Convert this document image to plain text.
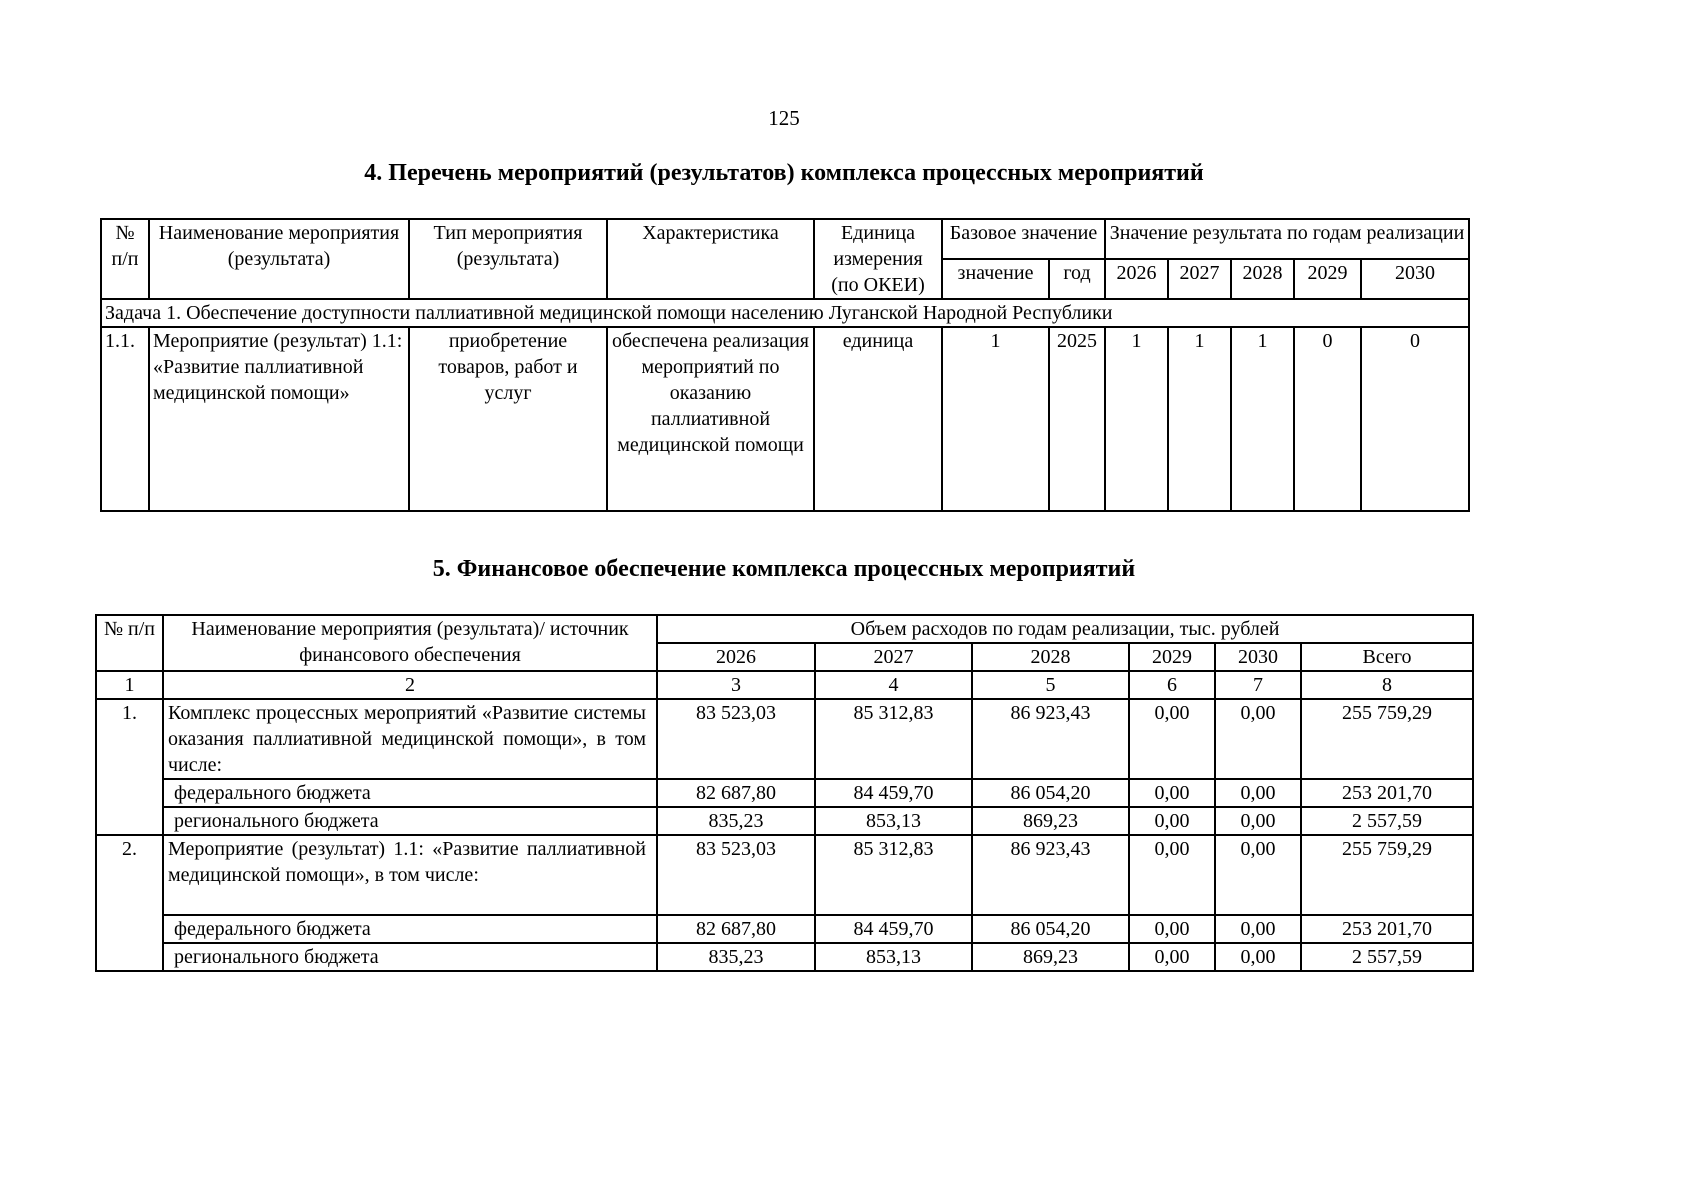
125
4. Перечень мероприятий (результатов) комплекса процессных мероприятий
№ п/п	Наименование мероприятия (результата)	Тип мероприятия (результата)	Характеристика	Единица измерения (по ОКЕИ)	Базовое значение		Значение результата по годам реализации				
					значение	год	2026	2027	2028	2029	2030
Задача 1. Обеспечение доступности паллиативной медицинской помощи населению Луганской Народной Республики											
1.1.	Мероприятие (результат) 1.1: «Развитие паллиативной медицинской помощи»	приобретение товаров, работ и услуг	обеспечена реализация мероприятий по оказанию паллиативной медицинской помощи	единица	1	2025	1	1	1	0	0
5. Финансовое обеспечение комплекса процессных мероприятий
№ п/п	Наименование мероприятия (результата)/ источник финансового обеспечения	Объем расходов по годам реализации, тыс. рублей					
		2026	2027	2028	2029	2030	Всего
1	2	3	4	5	6	7	8
1.	Комплекс процессных мероприятий «Развитие системы оказания паллиативной медицинской помощи», в том числе:	83 523,03	85 312,83	86 923,43	0,00	0,00	255 759,29
	федерального бюджета	82 687,80	84 459,70	86 054,20	0,00	0,00	253 201,70
	регионального бюджета	835,23	853,13	869,23	0,00	0,00	2 557,59
2.	Мероприятие (результат) 1.1: «Развитие паллиативной медицинской помощи», в том числе:	83 523,03	85 312,83	86 923,43	0,00	0,00	255 759,29
	федерального бюджета	82 687,80	84 459,70	86 054,20	0,00	0,00	253 201,70
	регионального бюджета	835,23	853,13	869,23	0,00	0,00	2 557,59
